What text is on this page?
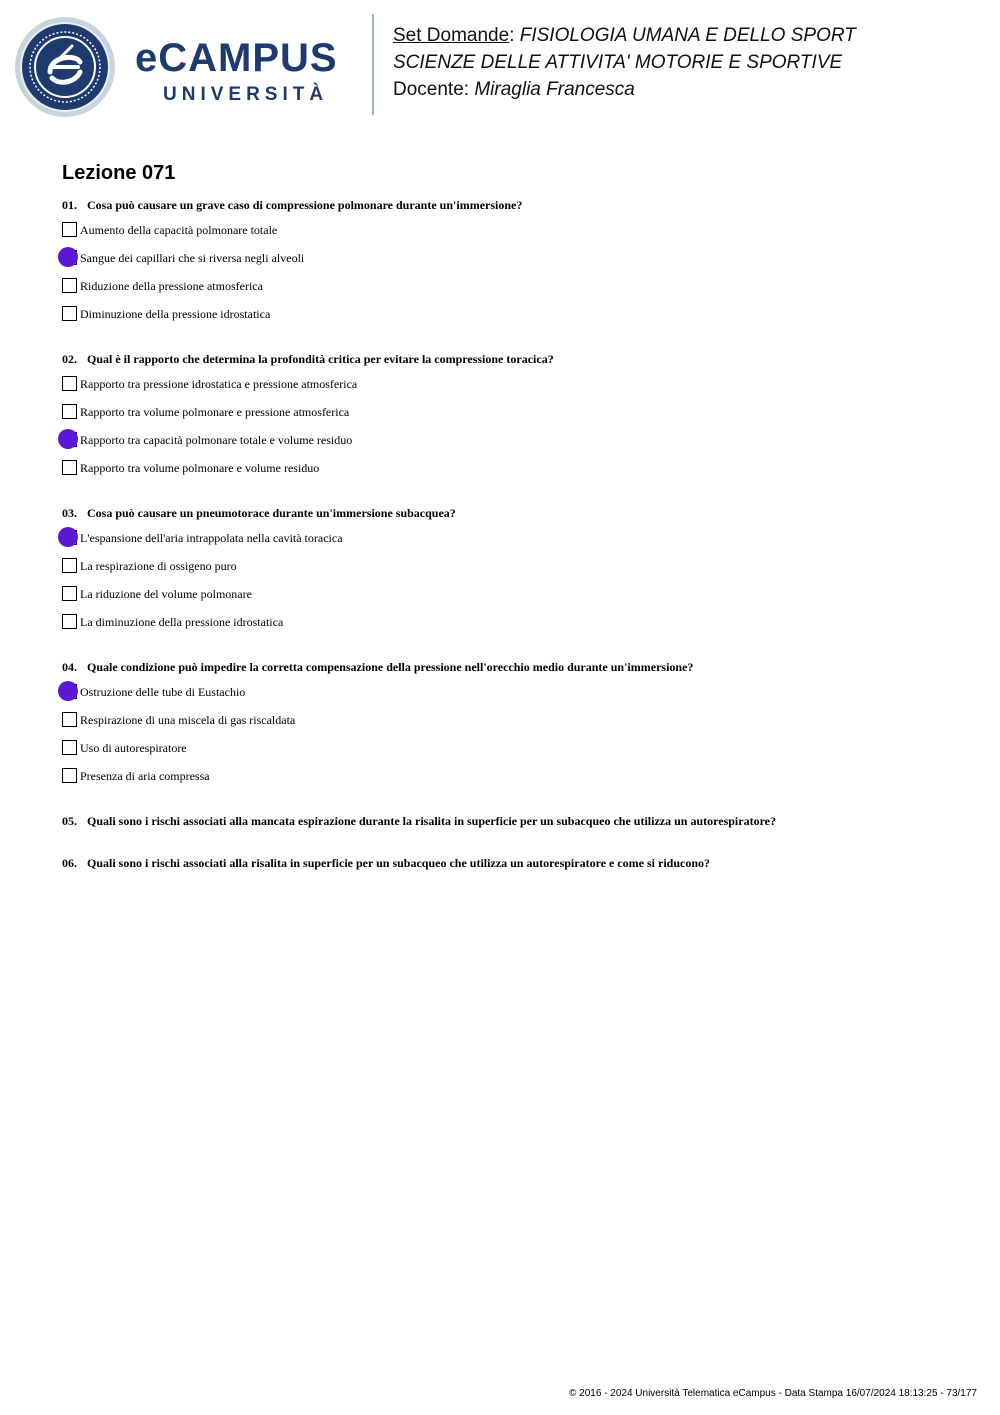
eCAMPUS
UNIVERSITÀ
Set Domande: FISIOLOGIA UMANA E DELLO SPORT
SCIENZE DELLE ATTIVITA' MOTORIE E SPORTIVE
Docente: Miraglia Francesca
Lezione 071
01. Cosa può causare un grave caso di compressione polmonare durante un'immersione?
Aumento della capacità polmonare totale
Sangue dei capillari che si riversa negli alveoli
Riduzione della pressione atmosferica
Diminuzione della pressione idrostatica
02. Qual è il rapporto che determina la profondità critica per evitare la compressione toracica?
Rapporto tra pressione idrostatica e pressione atmosferica
Rapporto tra volume polmonare e pressione atmosferica
Rapporto tra capacità polmonare totale e volume residuo
Rapporto tra volume polmonare e volume residuo
03. Cosa può causare un pneumotorace durante un'immersione subacquea?
L'espansione dell'aria intrappolata nella cavità toracica
La respirazione di ossigeno puro
La riduzione del volume polmonare
La diminuzione della pressione idrostatica
04. Quale condizione può impedire la corretta compensazione della pressione nell'orecchio medio durante un'immersione?
Ostruzione delle tube di Eustachio
Respirazione di una miscela di gas riscaldata
Uso di autorespiratore
Presenza di aria compressa
05. Quali sono i rischi associati alla mancata espirazione durante la risalita in superficie per un subacqueo che utilizza un autorespiratore?
06. Quali sono i rischi associati alla risalita in superficie per un subacqueo che utilizza un autorespiratore e come si riducono?
© 2016 - 2024 Università Telematica eCampus - Data Stampa 16/07/2024 18:13:25 - 73/177
